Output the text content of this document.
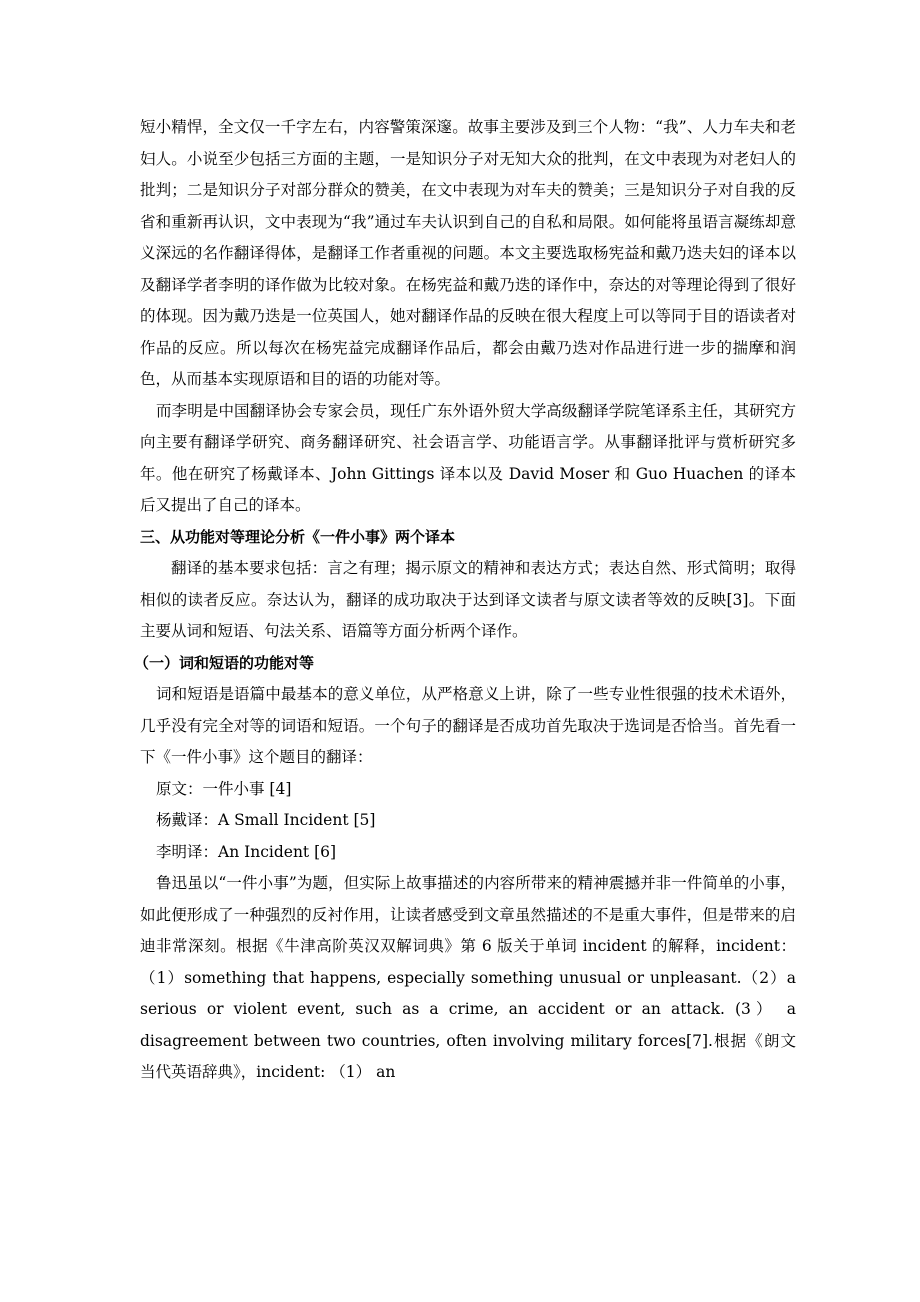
短小精悍，全文仅一千字左右，内容警策深邃。故事主要涉及到三个人物：“我”、人力车夫和老妇人。小说至少包括三方面的主题，一是知识分子对无知大众的批判，在文中表现为对老妇人的批判；二是知识分子对部分群众的赞美，在文中表现为对车夫的赞美；三是知识分子对自我的反省和重新再认识，文中表现为“我”通过车夫认识到自己的自私和局限。如何能将虽语言凝练却意义深远的名作翻译得体，是翻译工作者重视的问题。本文主要选取杨宪益和戴乃迭夫妇的译本以及翻译学者李明的译作做为比较对象。在杨宪益和戴乃迭的译作中，奈达的对等理论得到了很好的体现。因为戴乃迭是一位英国人，她对翻译作品的反映在很大程度上可以等同于目的语读者对作品的反应。所以每次在杨宪益完成翻译作品后，都会由戴乃迭对作品进行进一步的揣摩和润色，从而基本实现原语和目的语的功能对等。

而李明是中国翻译协会专家会员，现任广东外语外贸大学高级翻译学院笔译系主任，其研究方向主要有翻译学研究、商务翻译研究、社会语言学、功能语言学。从事翻译批评与赏析研究多年。他在研究了杨戴译本、John Gittings 译本以及 David Moser 和 Guo Huachen 的译本后又提出了自己的译本。

三、从功能对等理论分析《一件小事》两个译本

翻译的基本要求包括：言之有理；揭示原文的精神和表达方式；表达自然、形式简明；取得相似的读者反应。奈达认为，翻译的成功取决于达到译文读者与原文读者等效的反映[3]。下面主要从词和短语、句法关系、语篇等方面分析两个译作。

（一）词和短语的功能对等

词和短语是语篇中最基本的意义单位，从严格意义上讲，除了一些专业性很强的技术术语外，几乎没有完全对等的词语和短语。一个句子的翻译是否成功首先取决于选词是否恰当。首先看一下《一件小事》这个题目的翻译：

原文：一件小事 [4]

杨戴译：A Small Incident [5]

李明译：An Incident [6]

鲁迅虽以“一件小事”为题，但实际上故事描述的内容所带来的精神震撼并非一件简单的小事，如此便形成了一种强烈的反衬作用，让读者感受到文章虽然描述的不是重大事件，但是带来的启迪非常深刻。根据《牛津高阶英汉双解词典》第 6 版关于单词 incident 的解释，incident：（1）something that happens, especially something unusual or unpleasant.（2）a serious or violent event, such as a crime, an accident or an attack. (3） a disagreement between two countries, often involving military forces[7].根据《朗文当代英语辞典》，incident: （1） an
